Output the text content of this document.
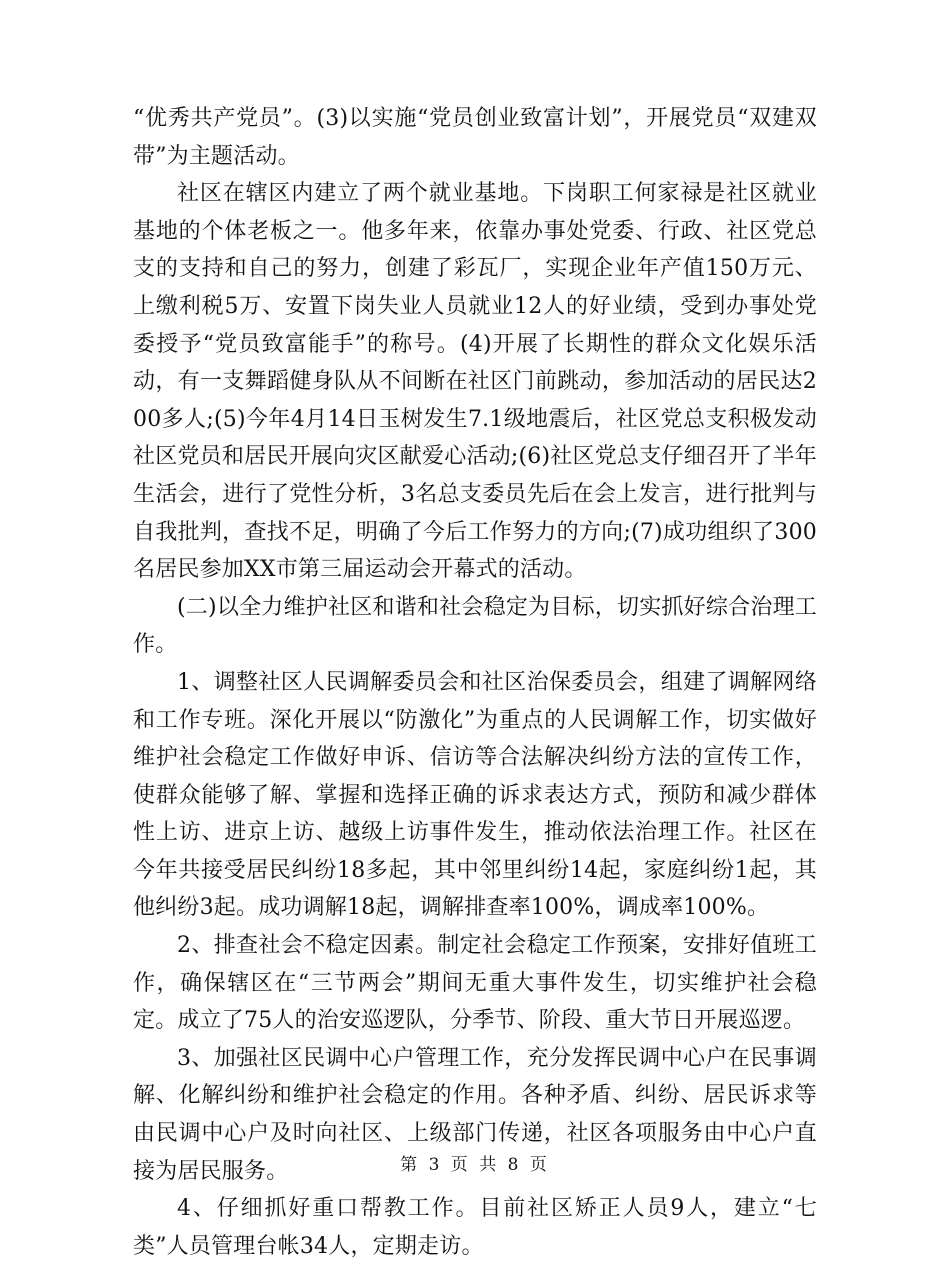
“优秀共产党员”。(3)以实施“党员创业致富计划”，开展党员“双建双带”为主题活动。

社区在辖区内建立了两个就业基地。下岗职工何家禄是社区就业基地的个体老板之一。他多年来，依靠办事处党委、行政、社区党总支的支持和自己的努力，创建了彩瓦厂，实现企业年产值150万元、上缴利税5万、安置下岗失业人员就业12人的好业绩，受到办事处党委授予“党员致富能手”的称号。(4)开展了长期性的群众文化娱乐活动，有一支舞蹈健身队从不间断在社区门前跳动，参加活动的居民达200多人;(5)今年4月14日玉树发生7.1级地震后，社区党总支积极发动社区党员和居民开展向灾区献爱心活动;(6)社区党总支仔细召开了半年生活会，进行了党性分析，3名总支委员先后在会上发言，进行批判与自我批判，查找不足，明确了今后工作努力的方向;(7)成功组织了300名居民参加XX市第三届运动会开幕式的活动。

(二)以全力维护社区和谐和社会稳定为目标，切实抓好综合治理工作。

1、调整社区人民调解委员会和社区治保委员会，组建了调解网络和工作专班。深化开展以“防激化”为重点的人民调解工作，切实做好维护社会稳定工作做好申诉、信访等合法解决纠纷方法的宣传工作，使群众能够了解、掌握和选择正确的诉求表达方式，预防和减少群体性上访、进京上访、越级上访事件发生，推动依法治理工作。社区在今年共接受居民纠纷18多起，其中邻里纠纷14起，家庭纠纷1起，其他纠纷3起。成功调解18起，调解排查率100%，调成率100%。

2、排查社会不稳定因素。制定社会稳定工作预案，安排好值班工作，确保辖区在“三节两会”期间无重大事件发生，切实维护社会稳定。成立了75人的治安巡逻队，分季节、阶段、重大节日开展巡逻。

3、加强社区民调中心户管理工作，充分发挥民调中心户在民事调解、化解纠纷和维护社会稳定的作用。各种矛盾、纠纷、居民诉求等由民调中心户及时向社区、上级部门传递，社区各项服务由中心户直接为居民服务。

4、仔细抓好重口帮教工作。目前社区矫正人员9人，建立“七类”人员管理台帐34人，定期走访。

第 3 页 共 8 页
